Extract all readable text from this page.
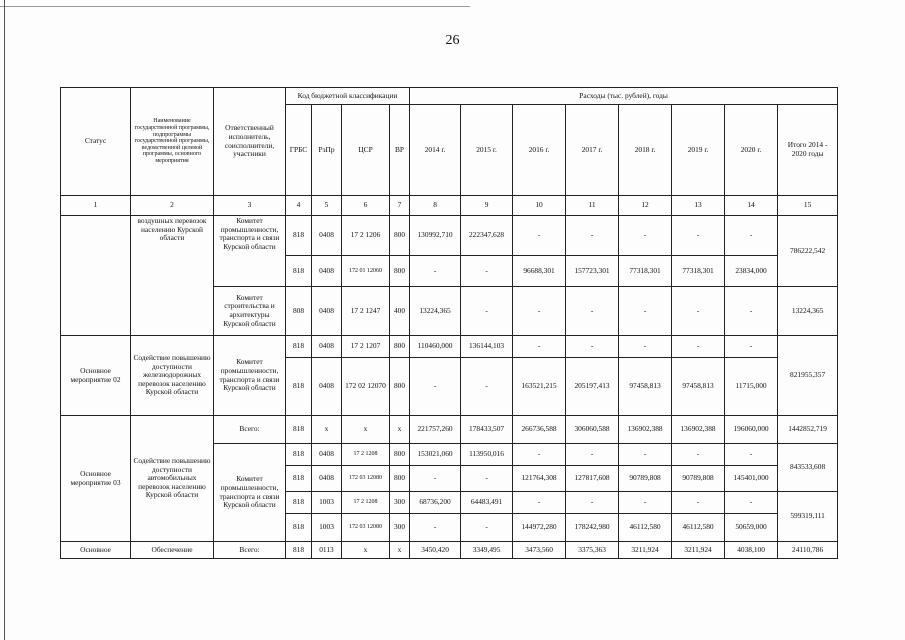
26
Статус	Наименование государственной программы, подпрограммы государственной программы, ведомственной целевой программы, основного мероприятия	Ответственный исполнитель, соисполнители, участники	Код бюджетной классификации				Расходы (тыс. рублей), годы							
			ГРБС	РзПр	ЦСР	ВР	2014 г.	2015 г.	2016 г.	2017 г.	2018 г.	2019 г.	2020 г.	Итого 2014 - 2020 годы
1	2	3	4	5	6	7	8	9	10	11	12	13	14	15
	воздушных перевозок населению Курской области	Комитет промышленности, транспорта и связи Курской области	818	0408	17 2 1206	800	130992,710	222347,628	-	-	-	-	-	786222,542
			818	0408	172 01 12060	800	-	-	96688,301	157723,301	77318,301	77318,301	23834,000	
		Комитет строительства и архитектуры Курской области	808	0408	17 2 1247	400	13224,365	-	-	-	-	-	-	13224,365
Основное мероприятие 02	Содействие повышению доступности железнодорожных перевозок населению Курской области	Комитет промышленности, транспорта и связи Курской области	818	0408	17 2 1207	800	110460,000	136144,103	-	-	-	-	-	821955,357
			818	0408	172 02 12070	800	-	-	163521,215	205197,413	97458,813	97458,813	11715,000	
Основное мероприятие 03	Содействие повышению доступности автомобильных перевозок населению Курской области	Всего:	818	х	х	х	221757,260	178433,507	266736,588	306060,588	136902,388	136902,388	196060,000	1442852,719
		Комитет промышленности, транспорта и связи Курской области	818	0408	17 2 1208	800	153021,060	113950,016	-	-	-	-	-	843533,608
			818	0408	172 03 12080	800	-	-	121764,308	127817,608	90789,808	90789,808	145401,000	
			818	1003	17 2 1208	300	68736,200	64483,491	-	-	-	-	-	599319,111
			818	1003	172 03 12080	300	-	-	144972,280	178242,980	46112,580	46112,580	50659,000	
Основное	Обеспечение	Всего:	818	0113	х	х	3450,420	3349,495	3473,560	3375,363	3211,924	3211,924	4038,100	24110,786
